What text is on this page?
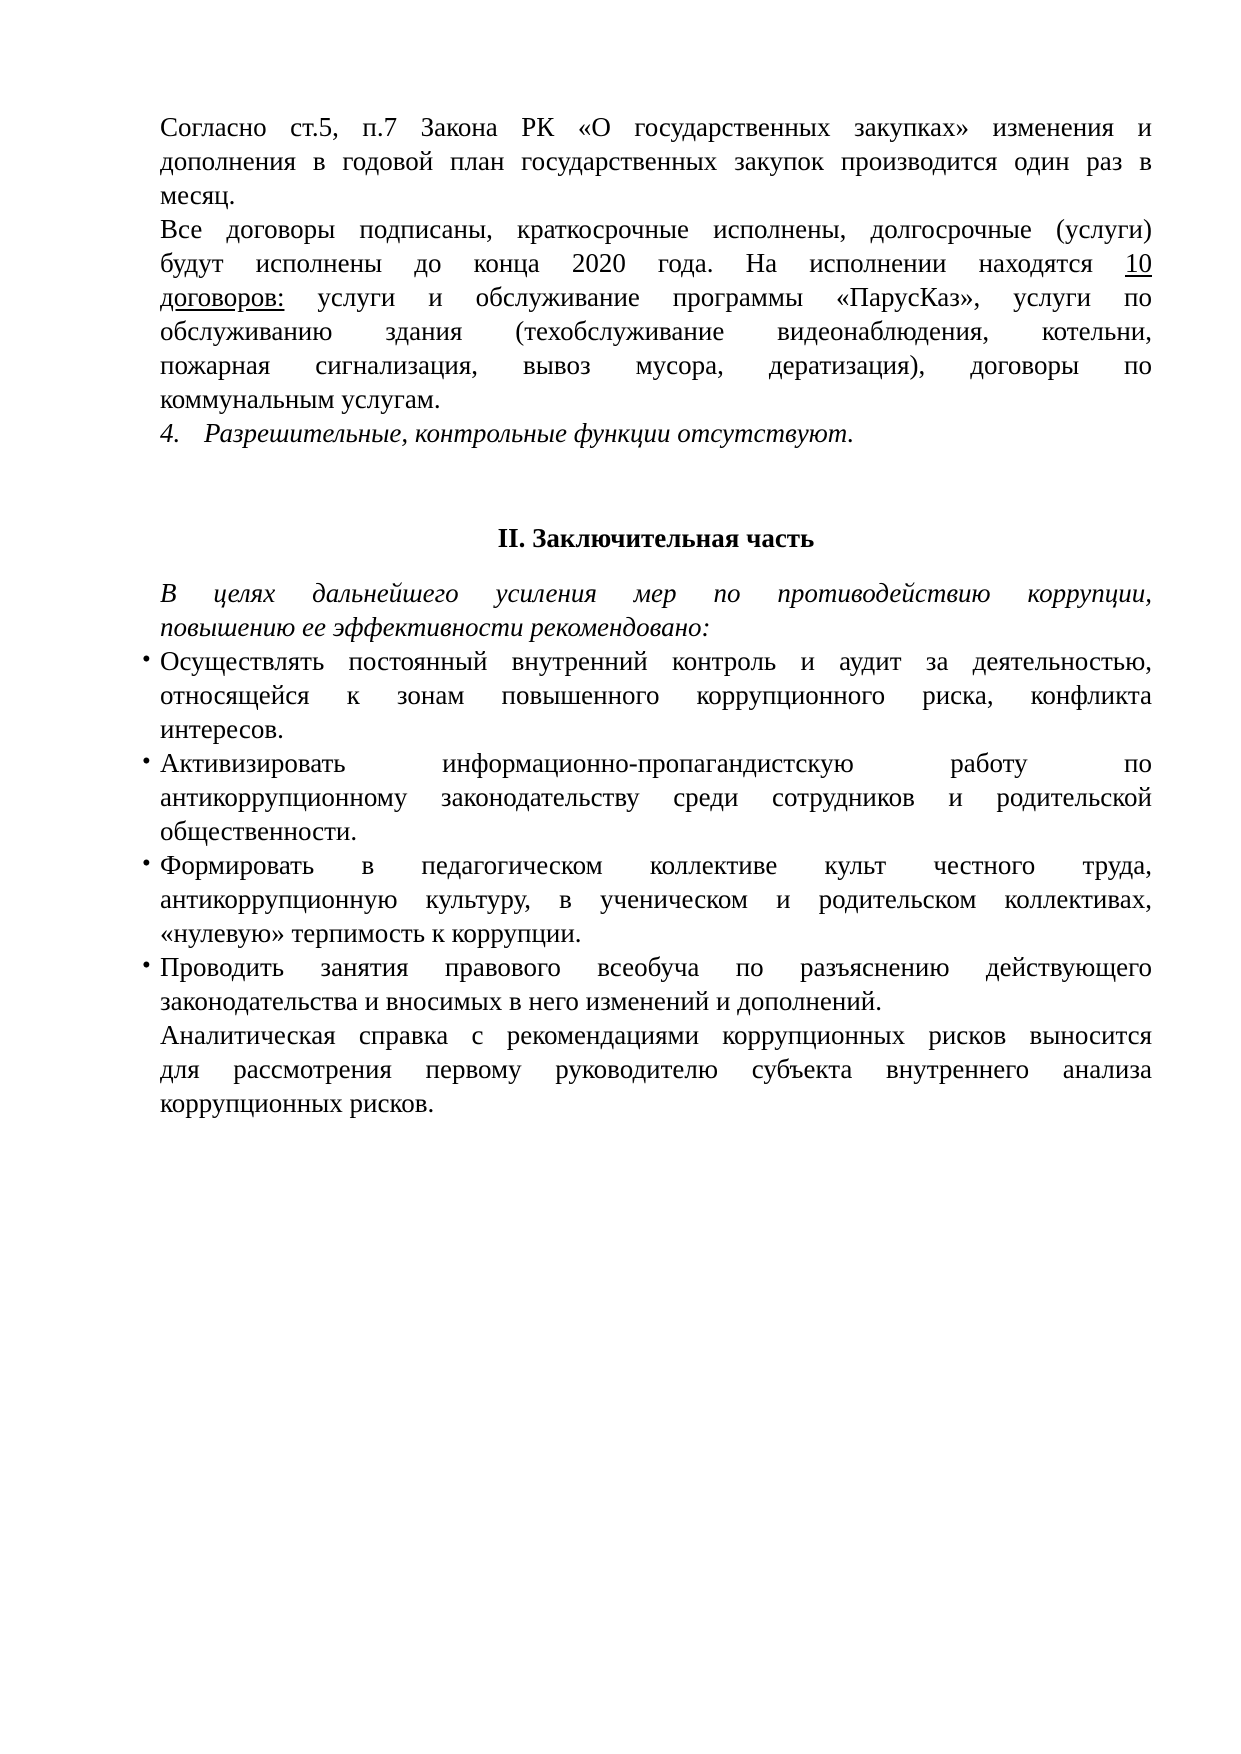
Согласно ст.5, п.7 Закона РК «О государственных закупках» изменения и
дополнения в годовой план государственных закупок производится один раз в
месяц.
Все договоры подписаны, краткосрочные исполнены, долгосрочные (услуги)
будут исполнены до конца 2020 года. На исполнении находятся 10
договоров: услуги и обслуживание программы «ПарусКаз», услуги по
обслуживанию здания (техобслуживание видеонаблюдения, котельни,
пожарная сигнализация, вывоз мусора, дератизация), договоры по
коммунальным услугам.
4. Разрешительные, контрольные функции отсутствуют.
II. Заключительная часть
В целях дальнейшего усиления мер по противодействию коррупции,
повышению ее эффективности рекомендовано:
• Осуществлять постоянный внутренний контроль и аудит за деятельностью,
относящейся к зонам повышенного коррупционного риска, конфликта
интересов.
• Активизировать информационно-пропагандистскую работу по
антикоррупционному законодательству среди сотрудников и родительской
общественности.
• Формировать в педагогическом коллективе культ честного труда,
антикоррупционную культуру, в ученическом и родительском коллективах,
«нулевую» терпимость к коррупции.
• Проводить занятия правового всеобуча по разъяснению действующего
законодательства и вносимых в него изменений и дополнений.
Аналитическая справка с рекомендациями коррупционных рисков выносится
для рассмотрения первому руководителю субъекта внутреннего анализа
коррупционных рисков.
